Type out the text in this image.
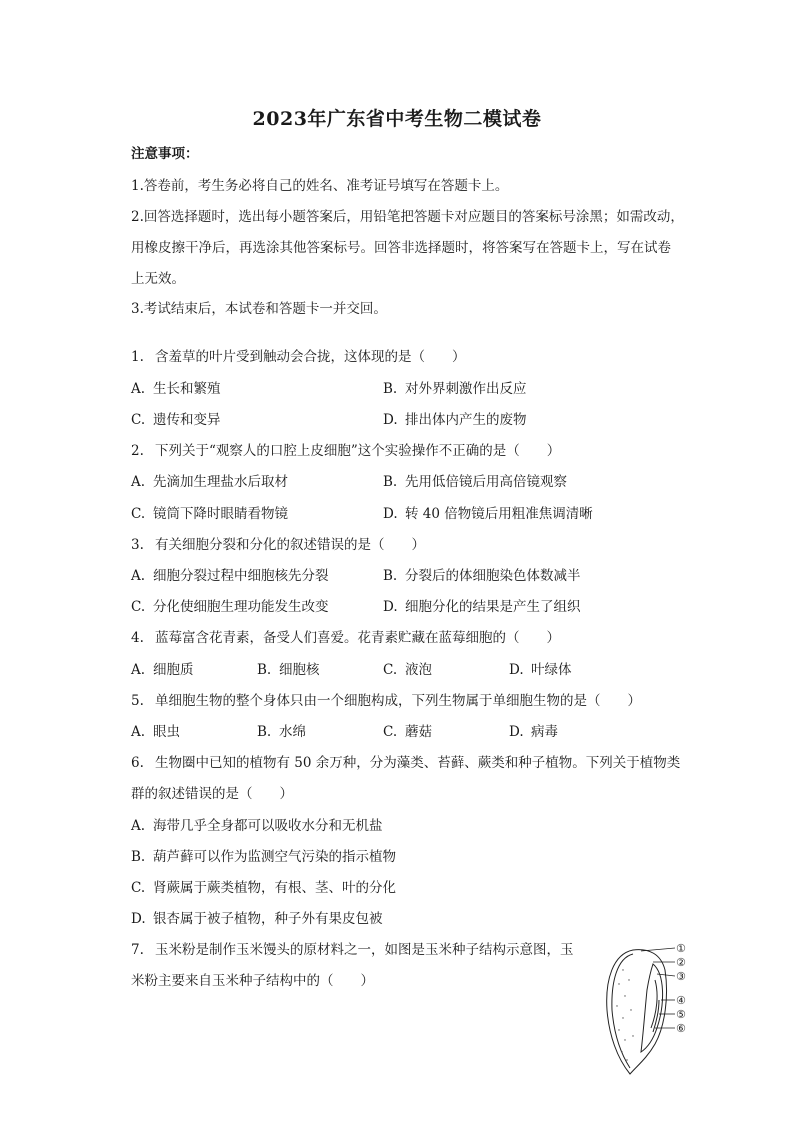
2023年广东省中考生物二模试卷
注意事项：
1.答卷前，考生务必将自己的姓名、准考证号填写在答题卡上。
2.回答选择题时，选出每小题答案后，用铅笔把答题卡对应题目的答案标号涂黑；如需改动，
用橡皮擦干净后，再选涂其他答案标号。回答非选择题时，将答案写在答题卡上，写在试卷
上无效。
3.考试结束后，本试卷和答题卡一并交回。
1. 含羞草的叶片受到触动会合拢，这体现的是（　　）
A. 生长和繁殖	B. 对外界刺激作出反应
C. 遗传和变异	D. 排出体内产生的废物
2. 下列关于“观察人的口腔上皮细胞”这个实验操作不正确的是（　　）
A. 先滴加生理盐水后取材	B. 先用低倍镜后用高倍镜观察
C. 镜筒下降时眼睛看物镜	D. 转 40 倍物镜后用粗准焦调清晰
3. 有关细胞分裂和分化的叙述错误的是（　　）
A. 细胞分裂过程中细胞核先分裂	B. 分裂后的体细胞染色体数减半
C. 分化使细胞生理功能发生改变	D. 细胞分化的结果是产生了组织
4. 蓝莓富含花青素，备受人们喜爱。花青素贮藏在蓝莓细胞的（　　）
A. 细胞质	B. 细胞核	C. 液泡	D. 叶绿体
5. 单细胞生物的整个身体只由一个细胞构成，下列生物属于单细胞生物的是（　　）
A. 眼虫	B. 水绵	C. 蘑菇	D. 病毒
6. 生物圈中已知的植物有 50 余万种，分为藻类、苔藓、蕨类和种子植物。下列关于植物类
群的叙述错误的是（　　）
A. 海带几乎全身都可以吸收水分和无机盐
B. 葫芦藓可以作为监测空气污染的指示植物
C. 肾蕨属于蕨类植物，有根、茎、叶的分化
D. 银杏属于被子植物，种子外有果皮包被
7. 玉米粉是制作玉米馒头的原材料之一，如图是玉米种子结构示意图，玉
米粉主要来自玉米种子结构中的（　　）
①
②
③
④
⑤
⑥
